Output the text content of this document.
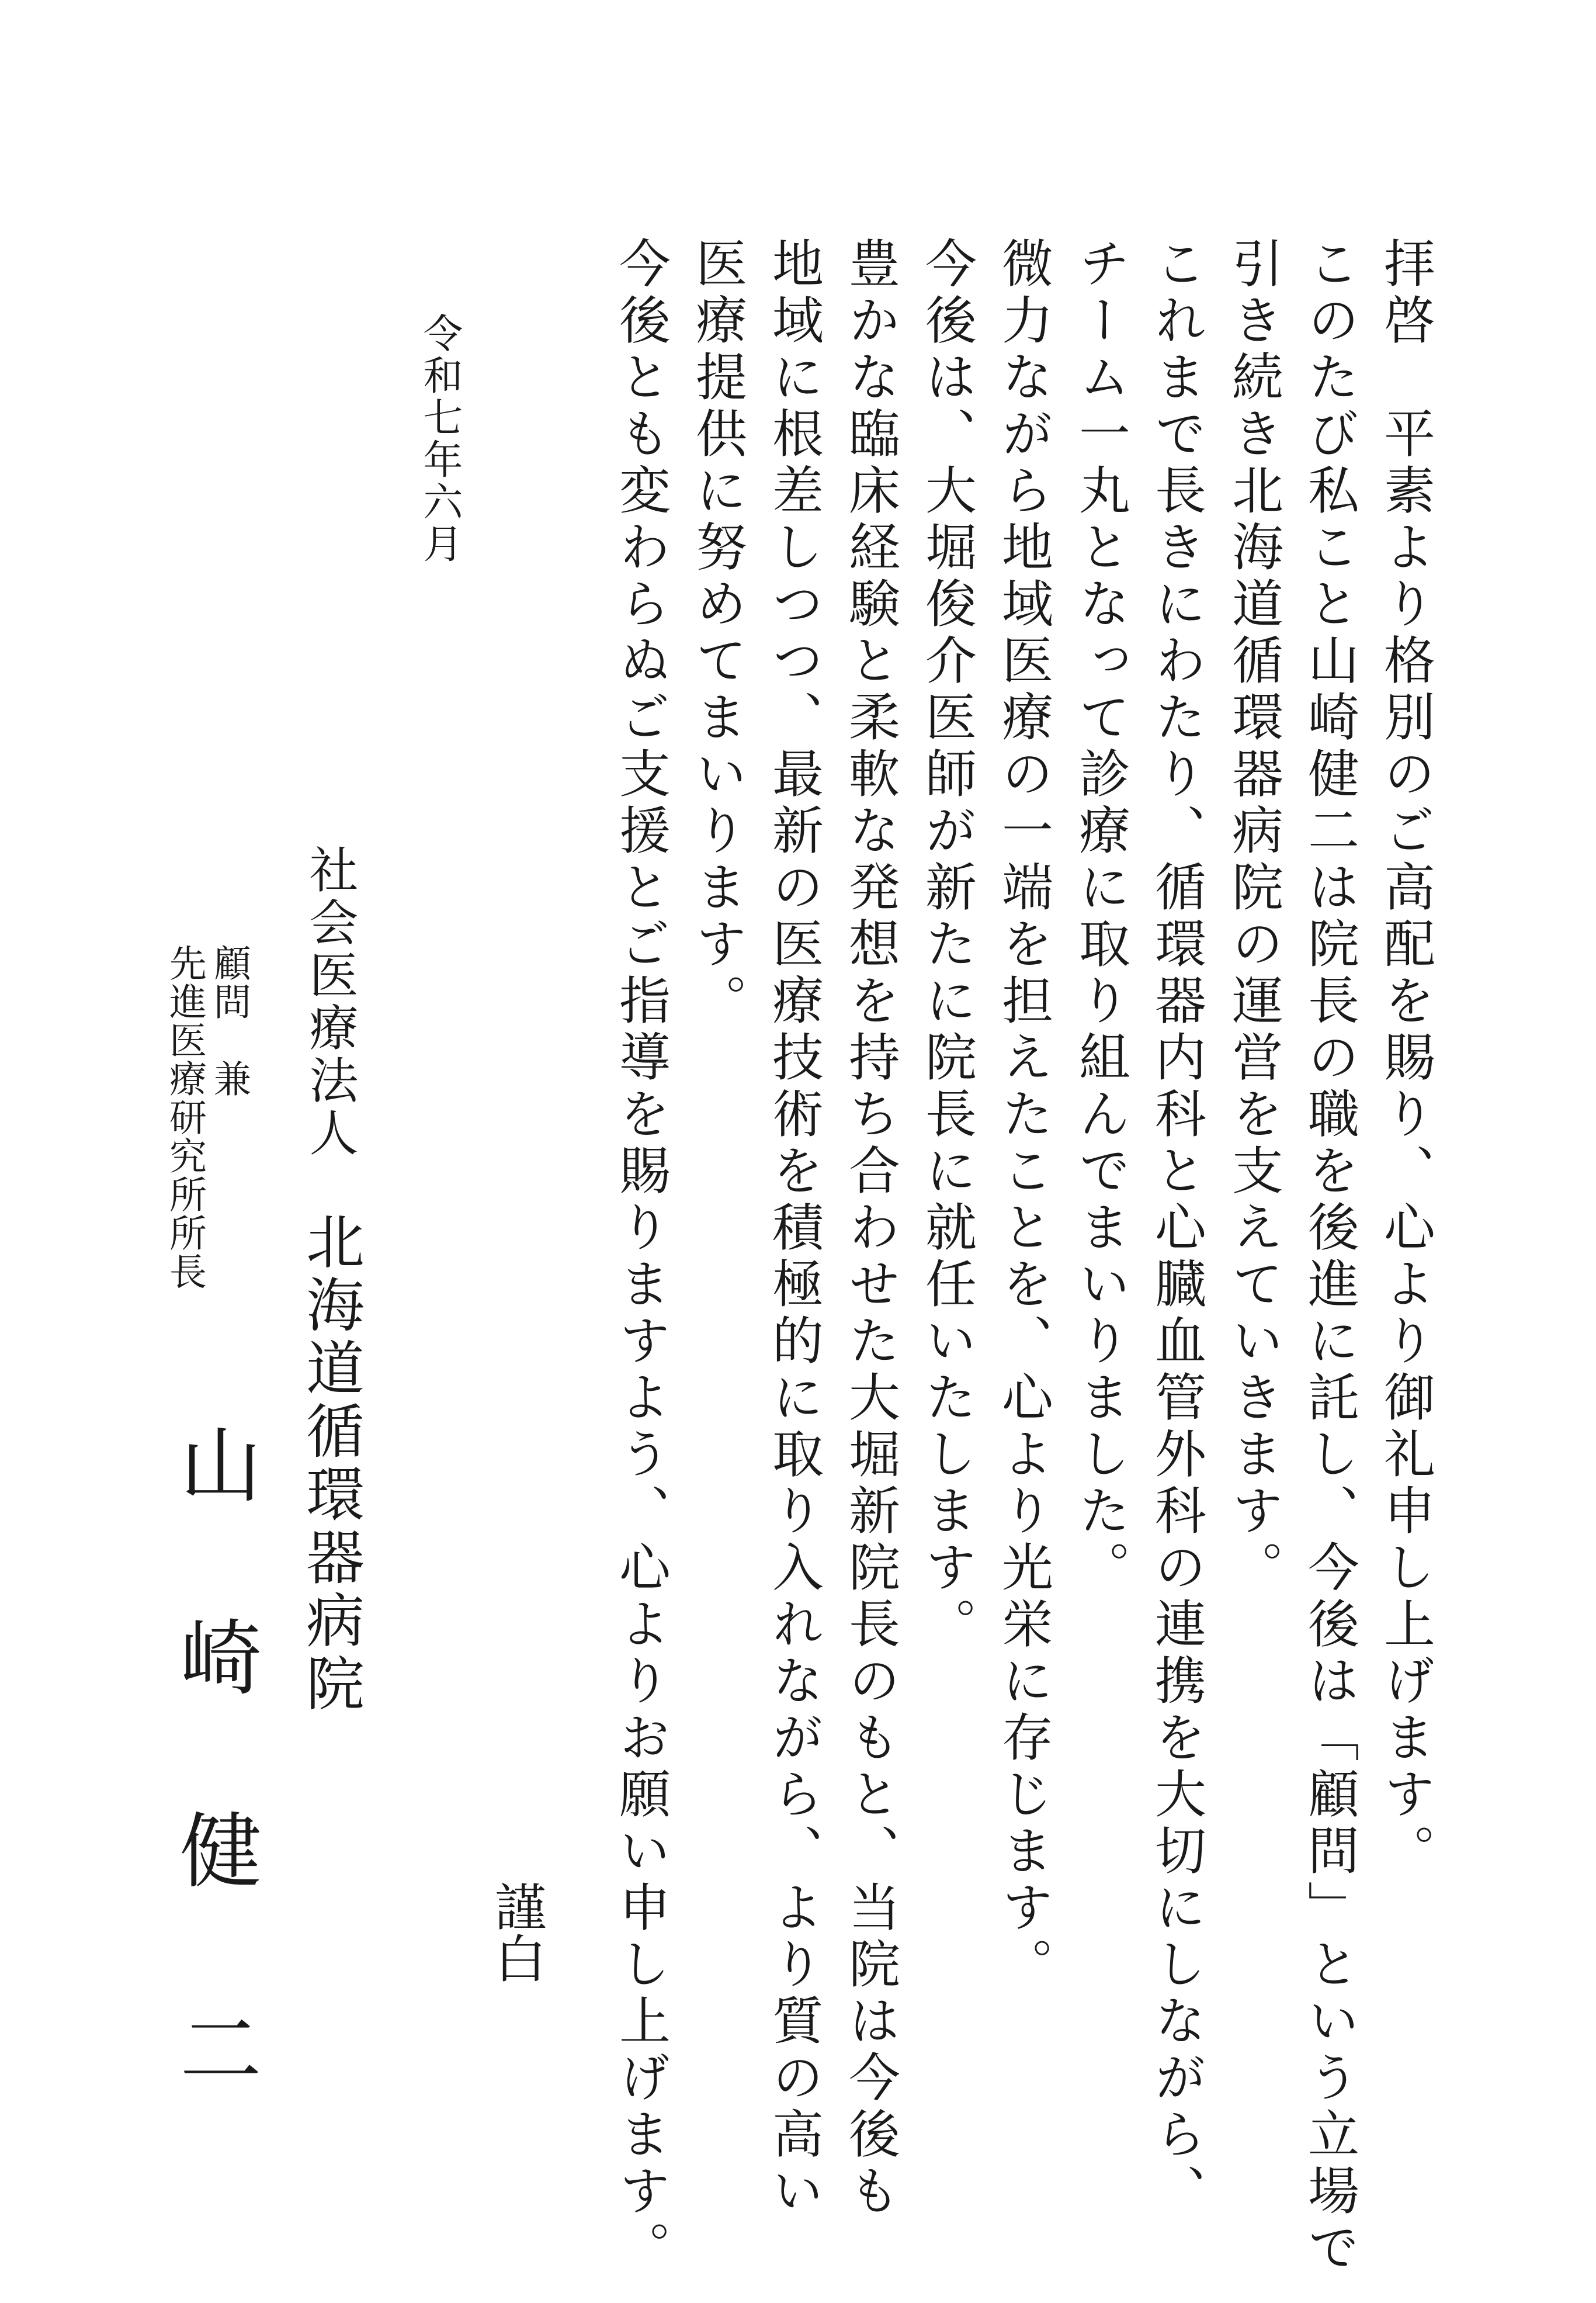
拝啓　平素より格別のご高配を賜り、心より御礼申し上げます。

このたび私こと山崎健二は院長の職を後進に託し、今後は「顧問」という立場で

引き続き北海道循環器病院の運営を支えていきます。

これまで長きにわたり、循環器内科と心臓血管外科の連携を大切にしながら、

チーム一丸となって診療に取り組んでまいりました。

微力ながら地域医療の一端を担えたことを、心より光栄に存じます。

今後は、大堀俊介医師が新たに院長に就任いたします。

豊かな臨床経験と柔軟な発想を持ち合わせた大堀新院長のもと、当院は今後も

地域に根差しつつ、最新の医療技術を積極的に取り入れながら、より質の高い

医療提供に努めてまいります。

今後とも変わらぬご支援とご指導を賜りますよう、心よりお願い申し上げます。

謹白

令和七年六月

社会医療法人北海道循環器病院

顧問　兼

先進医療研究所所長

山
崎
健
二
